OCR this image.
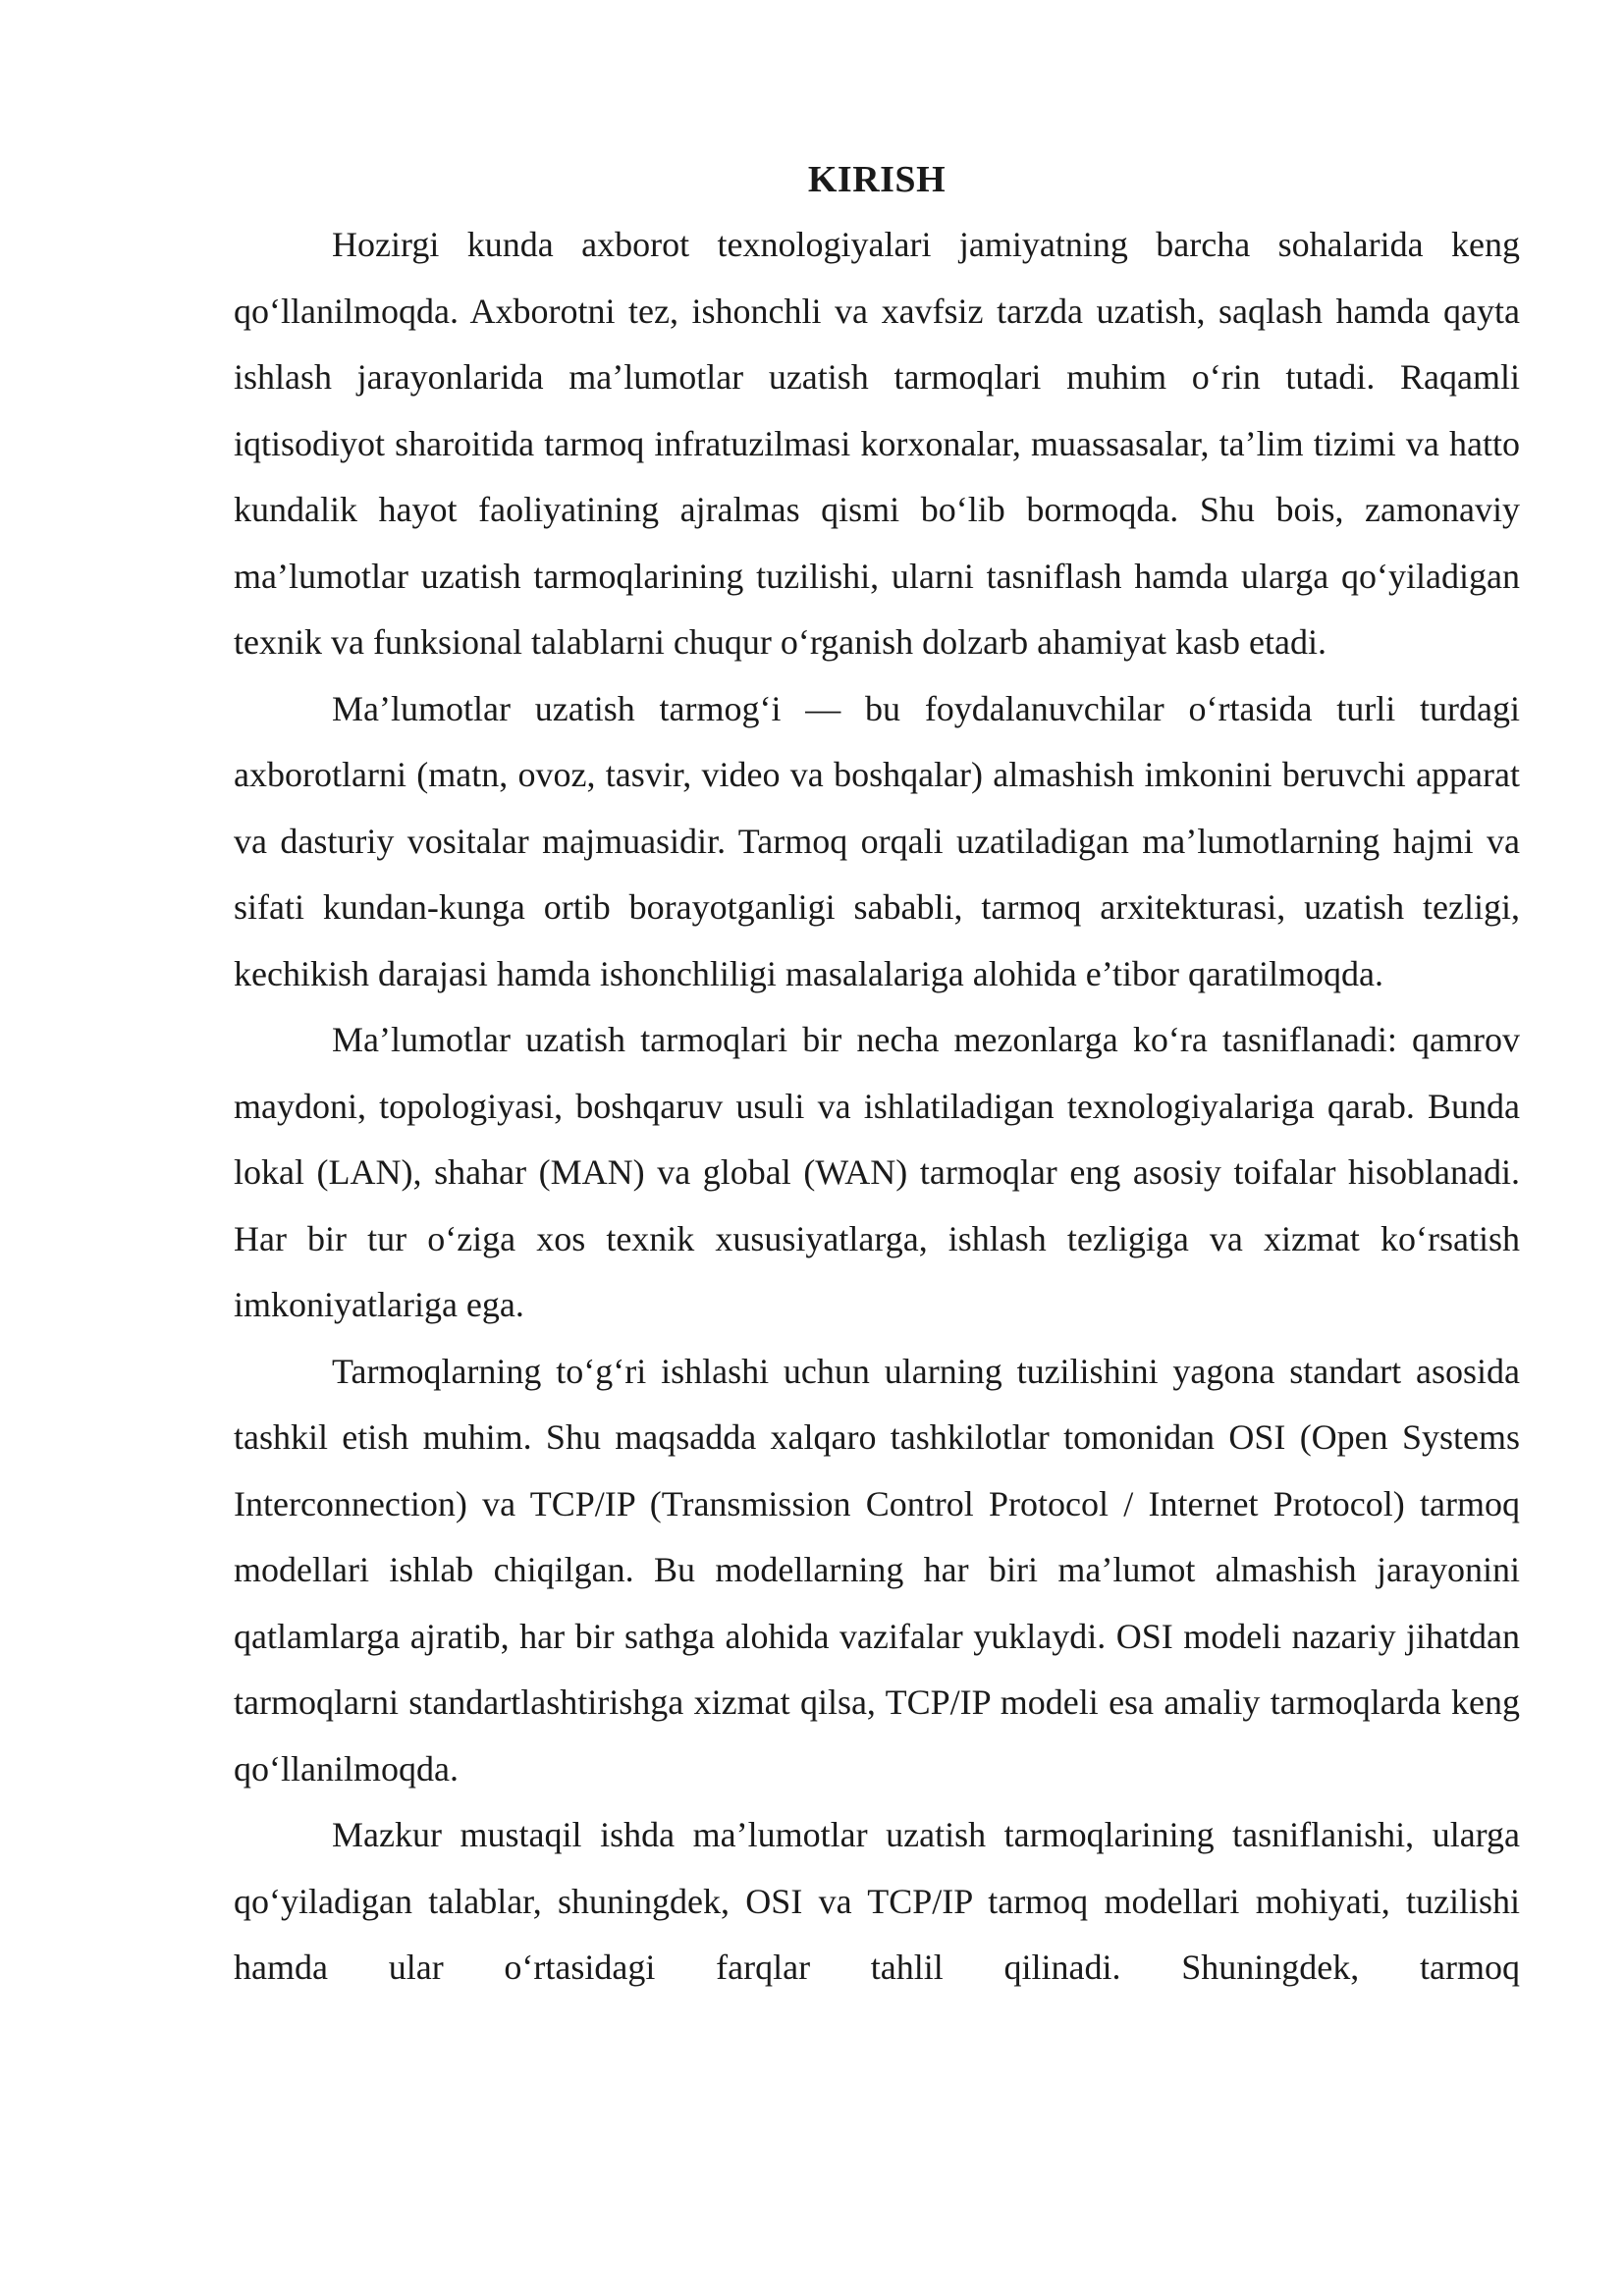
KIRISH

Hozirgi kunda axborot texnologiyalari jamiyatning barcha sohalarida keng qo‘llanilmoqda. Axborotni tez, ishonchli va xavfsiz tarzda uzatish, saqlash hamda qayta ishlash jarayonlarida ma’lumotlar uzatish tarmoqlari muhim o‘rin tutadi. Raqamli iqtisodiyot sharoitida tarmoq infratuzilmasi korxonalar, muassasalar, ta’lim tizimi va hatto kundalik hayot faoliyatining ajralmas qismi bo‘lib bormoqda. Shu bois, zamonaviy ma’lumotlar uzatish tarmoqlarining tuzilishi, ularni tasniflash hamda ularga qo‘yiladigan texnik va funksional talablarni chuqur o‘rganish dolzarb ahamiyat kasb etadi.

Ma’lumotlar uzatish tarmog‘i — bu foydalanuvchilar o‘rtasida turli turdagi axborotlarni (matn, ovoz, tasvir, video va boshqalar) almashish imkonini beruvchi apparat va dasturiy vositalar majmuasidir. Tarmoq orqali uzatiladigan ma’lumotlarning hajmi va sifati kundan-kunga ortib borayotganligi sababli, tarmoq arxitekturasi, uzatish tezligi, kechikish darajasi hamda ishonchliligi masalalariga alohida e’tibor qaratilmoqda.

Ma’lumotlar uzatish tarmoqlari bir necha mezonlarga ko‘ra tasniflanadi: qamrov maydoni, topologiyasi, boshqaruv usuli va ishlatiladigan texnologiyalariga qarab. Bunda lokal (LAN), shahar (MAN) va global (WAN) tarmoqlar eng asosiy toifalar hisoblanadi. Har bir tur o‘ziga xos texnik xususiyatlarga, ishlash tezligiga va xizmat ko‘rsatish imkoniyatlariga ega.

Tarmoqlarning to‘g‘ri ishlashi uchun ularning tuzilishini yagona standart asosida tashkil etish muhim. Shu maqsadda xalqaro tashkilotlar tomonidan OSI (Open Systems Interconnection) va TCP/IP (Transmission Control Protocol / Internet Protocol) tarmoq modellari ishlab chiqilgan. Bu modellarning har biri ma’lumot almashish jarayonini qatlamlarga ajratib, har bir sathga alohida vazifalar yuklaydi. OSI modeli nazariy jihatdan tarmoqlarni standartlashtirishga xizmat qilsa, TCP/IP modeli esa amaliy tarmoqlarda keng qo‘llanilmoqda.

Mazkur mustaqil ishda ma’lumotlar uzatish tarmoqlarining tasniflanishi, ularga qo‘yiladigan talablar, shuningdek, OSI va TCP/IP tarmoq modellari mohiyati, tuzilishi hamda ular o‘rtasidagi farqlar tahlil qilinadi. Shuningdek, tarmoq
